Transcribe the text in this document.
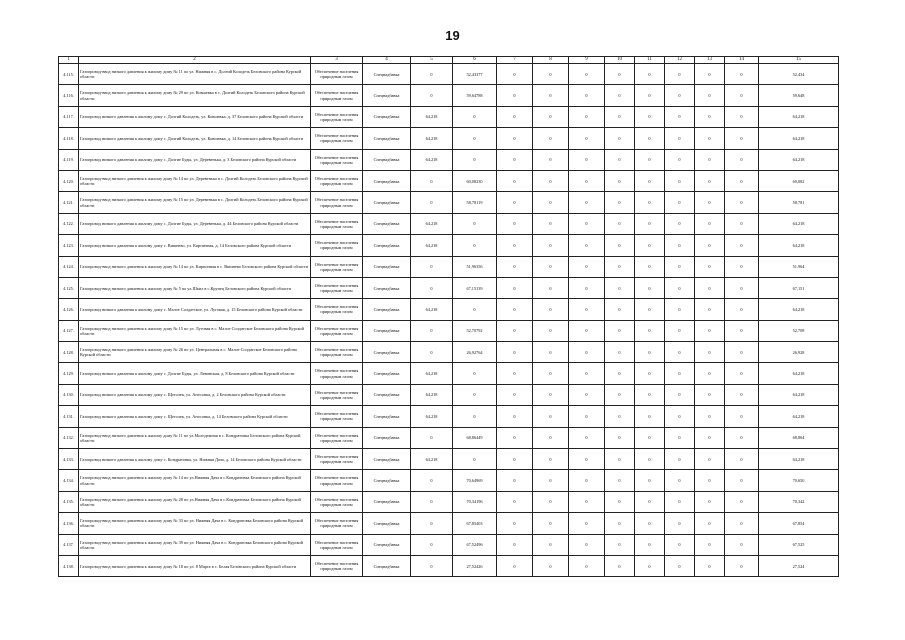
19
1	2	3	4	5	6	7	8	9	10	11	12	13	14	15
4.115.	Газопровод-ввод низкого давления к жилому дому № 11 по ул. Нижняя в с. Долгий Колодезь Беловского района Курской области	Обеспечение населения природным газом	Спецнадбавка	0	52,43377	0	0	0	0	0	0	0	0	52,434
4.116.	Газопровод-ввод низкого давления к жилому дому № 29 по ул. Ковшевка в с. Долгий Колодезь Беловского района Курской области	Обеспечение населения природным газом	Спецнадбавка	0	59,64788	0	0	0	0	0	0	0	0	59,648
4.117.	Газопровод низкого давления к жилому дому с. Долгий Колодезь, ул. Ковшевка, д. 37 Беловского района Курской области	Обеспечение населения природным газом	Спецнадбавка	64,218	0	0	0	0	0	0	0	0	0	64,218
4.118.	Газопровод низкого давления к жилому дому с. Долгий Колодезь, ул. Ковшевка, д. 14 Беловского района Курской области	Обеспечение населения природным газом	Спецнадбавка	64,218	0	0	0	0	0	0	0	0	0	64,218
4.119.	Газопровод низкого давления к жилому дому с. Долгие Буды, ул. Деревенька, д. 3 Беловского района Курской области	Обеспечение населения природным газом	Спецнадбавка	64,218	0	0	0	0	0	0	0	0	0	64,218
4.120.	Газопровод-ввод низкого давления к жилому дому № 14 по ул. Деревенька в с. Долгий Колодезь Беловского района Курской области	Обеспечение населения природным газом	Спецнадбавка	0	60,08230	0	0	0	0	0	0	0	0	60,082
4.121.	Газопровод-ввод низкого давления к жилому дому № 15 по ул. Деревенька в с. Долгий Колодезь Беловского района Курской области	Обеспечение населения природным газом	Спецнадбавка	0	58,78119	0	0	0	0	0	0	0	0	58,781
4.122.	Газопровод низкого давления к жилому дому с. Долгие Буды, ул. Деревенька, д. 44 Беловского района Курской области	Обеспечение населения природным газом	Спецнадбавка	64,218	0	0	0	0	0	0	0	0	0	64,218
4.123.	Газопровод низкого давления к жилому дому с. Вишнево, ул. Кирпичная, д. 14 Беловского района Курской области	Обеспечение населения природным газом	Спецнадбавка	64,218	0	0	0	0	0	0	0	0	0	64,218
4.124.	Газопровод-ввод низкого давления к жилому дому № 14 по ул. Кирпичная в с. Вишнево Беловского района Курской области	Обеспечение населения природным газом	Спецнадбавка	0	51,96356	0	0	0	0	0	0	0	0	51,964
4.125.	Газопровод-ввод низкого давления к жилому дому № 5 по ул.Шкил в с.Крупец Беловского района Курской области	Обеспечение населения природным газом	Спецнадбавка	0	67,15139	0	0	0	0	0	0	0	0	67,151
4.126.	Газопровод низкого давления к жилому дому с. Малое Солдатское, ул. Луговая, д. 15 Беловского района Курской области	Обеспечение населения природным газом	Спецнадбавка	64,218	0	0	0	0	0	0	0	0	0	64,218
4.127.	Газопровод-ввод низкого давления к жилому дому № 15 по ул. Луговая в с. Малое Солдатское Беловского района Курской области	Обеспечение населения природным газом	Спецнадбавка	0	52,70792	0	0	0	0	0	0	0	0	52,708
4.128.	Газопровод-ввод низкого давления к жилому дому № 26 по ул. Центральная в с. Малое Солдатское Беловского района Курской области	Обеспечение населения природным газом	Спецнадбавка	0	26,92764	0	0	0	0	0	0	0	0	26,928
4.129.	Газопровод низкого давления к жилому дому с. Долгие Буды, ул. Левинская, д. 8 Беловского района Курской области	Обеспечение населения природным газом	Спецнадбавка	64,218	0	0	0	0	0	0	0	0	0	64,218
4.130.	Газопровод низкого давления к жилому дому с. Щеголек, ул. Аносовка, д. 2 Беловского района Курской области	Обеспечение населения природным газом	Спецнадбавка	64,218	0	0	0	0	0	0	0	0	0	64,218
4.131.	Газопровод низкого давления к жилому дому с. Щеголек, ул. Аносовка, д. 14 Беловского района Курской области	Обеспечение населения природным газом	Спецнадбавка	64,218	0	0	0	0	0	0	0	0	0	64,218
4.132.	Газопровод-ввод низкого давления к жилому дому № 11 по ул.Молодежная в с. Кондратовка Беловского района Курской области	Обеспечение населения природным газом	Спецнадбавка	0	68,86449	0	0	0	0	0	0	0	0	68,864
4.133.	Газопровод низкого давления к жилому дому с. Кондратовка, ул. Нижняя Дача, д. 14 Беловского района Курской области	Обеспечение населения природным газом	Спецнадбавка	64,218	0	0	0	0	0	0	0	0	0	64,218
4.134.	Газопровод-ввод низкого давления к жилому дому № 14 по ул.Нижняя Дача в с.Кондратовка Беловского района Курской области	Обеспечение населения природным газом	Спецнадбавка	0	70,64969	0	0	0	0	0	0	0	0	70,650
4.135.	Газопровод-ввод низкого давления к жилому дому № 28 по ул.Нижняя Дача в с.Кондратовка Беловского района Курской области	Обеспечение населения природным газом	Спецнадбавка	0	70,34196	0	0	0	0	0	0	0	0	70,342
4.136.	Газопровод-ввод низкого давления к жилому дому № 33 по ул. Нижняя Дача в с. Кондратовка Беловского района Курской области	Обеспечение населения природным газом	Спецнадбавка	0	67,85403	0	0	0	0	0	0	0	0	67,854
4.137.	Газопровод-ввод низкого давления к жилому дому № 39 по ул. Нижняя Дача в с. Кондратовка Беловского района Курской области	Обеспечение населения природным газом	Спецнадбавка	0	67,52496	0	0	0	0	0	0	0	0	67,525
4.138.	Газопровод-ввод низкого давления к жилому дому № 18 по ул. 8 Марта в с. Белая Беловского района Курской области	Обеспечение населения природным газом	Спецнадбавка	0	27,52426	0	0	0	0	0	0	0	0	27,524
